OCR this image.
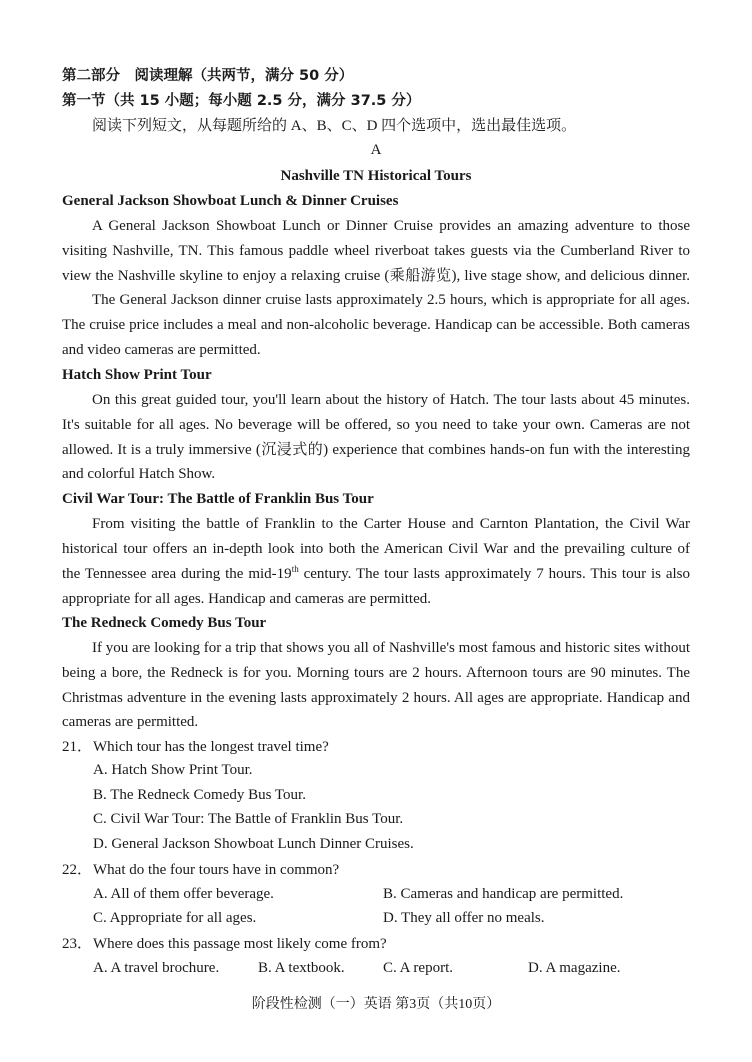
第二部分　阅读理解（共两节，满分 50 分）
第一节（共 15 小题；每小题 2.5 分，满分 37.5 分）
阅读下列短文，从每题所给的 A、B、C、D 四个选项中，选出最佳选项。
A
Nashville TN Historical Tours
General Jackson Showboat Lunch & Dinner Cruises
A General Jackson Showboat Lunch or Dinner Cruise provides an amazing adventure to those
visiting Nashville, TN. This famous paddle wheel riverboat takes guests via the Cumberland River to
view the Nashville skyline to enjoy a relaxing cruise (乘船游览), live stage show, and delicious dinner.
The General Jackson dinner cruise lasts approximately 2.5 hours, which is appropriate for all ages.
The cruise price includes a meal and non-alcoholic beverage. Handicap can be accessible. Both cameras
and video cameras are permitted.
Hatch Show Print Tour
On this great guided tour, you'll learn about the history of Hatch. The tour lasts about 45 minutes.
It's suitable for all ages. No beverage will be offered, so you need to take your own. Cameras are not
allowed. It is a truly immersive (沉浸式的) experience that combines hands-on fun with the interesting
and colorful Hatch Show.
Civil War Tour: The Battle of Franklin Bus Tour
From visiting the battle of Franklin to the Carter House and Carnton Plantation, the Civil War
historical tour offers an in-depth look into both the American Civil War and the prevailing culture of
the Tennessee area during the mid-19th century. The tour lasts approximately 7 hours. This tour is also
appropriate for all ages. Handicap and cameras are permitted.
The Redneck Comedy Bus Tour
If you are looking for a trip that shows you all of Nashville's most famous and historic sites without
being a bore, the Redneck is for you. Morning tours are 2 hours. Afternoon tours are 90 minutes. The
Christmas adventure in the evening lasts approximately 2 hours. All ages are appropriate. Handicap and
cameras are permitted.
21． Which tour has the longest travel time?
A. Hatch Show Print Tour.
B. The Redneck Comedy Bus Tour.
C. Civil War Tour: The Battle of Franklin Bus Tour.
D. General Jackson Showboat Lunch Dinner Cruises.
22． What do the four tours have in common?
A. All of them offer beverage.	B. Cameras and handicap are permitted.
C. Appropriate for all ages.	D. They all offer no meals.
23． Where does this passage most likely come from?
A. A travel brochure.	B. A textbook.	C. A report.	D. A magazine.
阶段性检测（一）英语 第3页（共10页）
